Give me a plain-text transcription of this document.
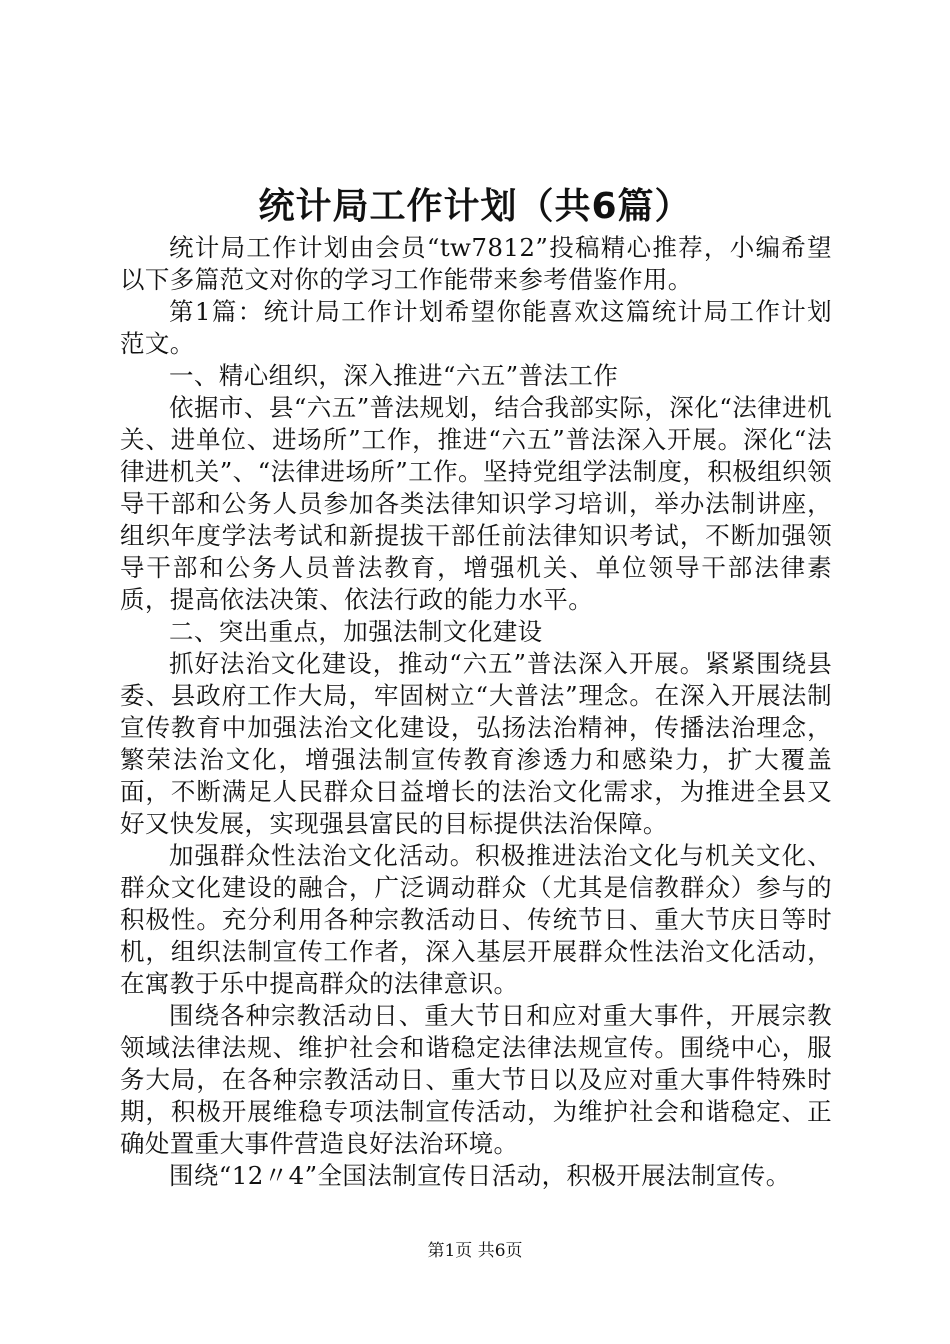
统计局工作计划（共6篇）

统计局工作计划由会员“tw7812”投稿精心推荐，小编希望以下多篇范文对你的学习工作能带来参考借鉴作用。

第1篇：统计局工作计划希望你能喜欢这篇统计局工作计划范文。

一、精心组织，深入推进“六五”普法工作

依据市、县“六五”普法规划，结合我部实际，深化“法律进机关、进单位、进场所”工作，推进“六五”普法深入开展。深化“法律进机关”、“法律进场所”工作。坚持党组学法制度，积极组织领导干部和公务人员参加各类法律知识学习培训，举办法制讲座，组织年度学法考试和新提拔干部任前法律知识考试，不断加强领导干部和公务人员普法教育，增强机关、单位领导干部法律素质，提高依法决策、依法行政的能力水平。

二、突出重点，加强法制文化建设

抓好法治文化建设，推动“六五”普法深入开展。紧紧围绕县委、县政府工作大局，牢固树立“大普法”理念。在深入开展法制宣传教育中加强法治文化建设，弘扬法治精神，传播法治理念，繁荣法治文化，增强法制宣传教育渗透力和感染力，扩大覆盖面，不断满足人民群众日益增长的法治文化需求，为推进全县又好又快发展，实现强县富民的目标提供法治保障。

加强群众性法治文化活动。积极推进法治文化与机关文化、群众文化建设的融合，广泛调动群众（尤其是信教群众）参与的积极性。充分利用各种宗教活动日、传统节日、重大节庆日等时机，组织法制宣传工作者，深入基层开展群众性法治文化活动，在寓教于乐中提高群众的法律意识。

围绕各种宗教活动日、重大节日和应对重大事件，开展宗教领域法律法规、维护社会和谐稳定法律法规宣传。围绕中心，服务大局，在各种宗教活动日、重大节日以及应对重大事件特殊时期，积极开展维稳专项法制宣传活动，为维护社会和谐稳定、正确处置重大事件营造良好法治环境。

围绕“12〃4”全国法制宣传日活动，积极开展法制宣传。

第1页 共6页
